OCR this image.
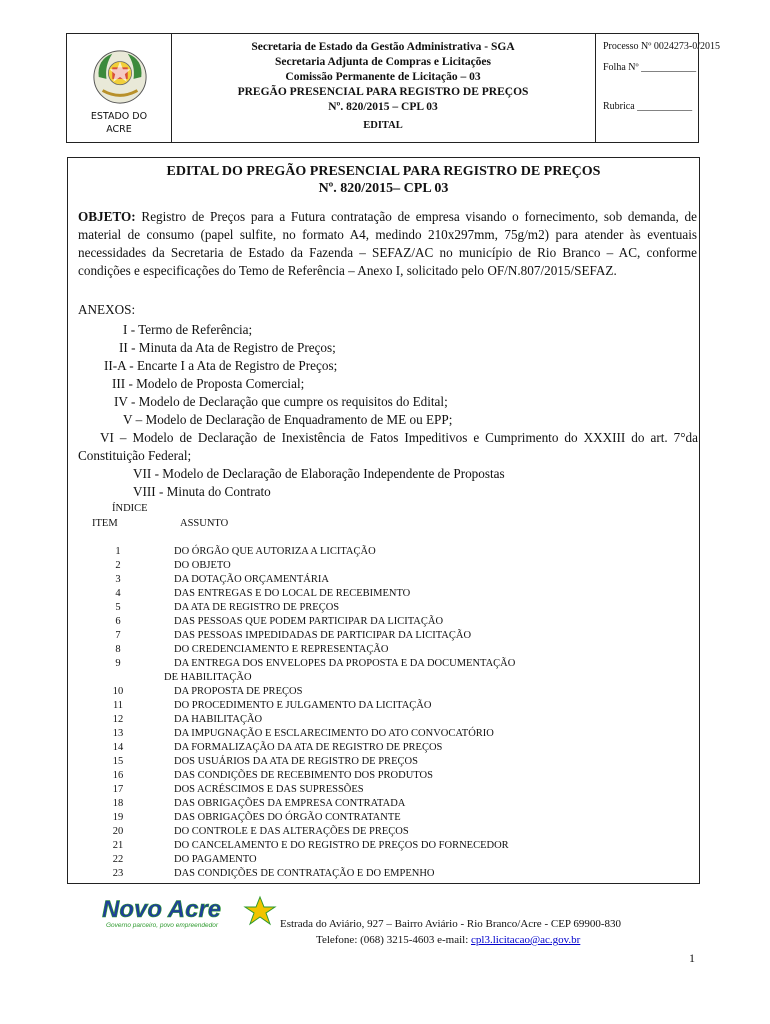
ESTADO DO
ACRE
Secretaria de Estado da Gestão Administrativa - SGA
Secretaria Adjunta de Compras e Licitações
Comissão Permanente de Licitação – 03
PREGÃO PRESENCIAL PARA REGISTRO DE PREÇOS
Nº. 820/2015 – CPL 03
EDITAL
Processo Nº 0024273-0/2015
Folha Nº ___________
Rubrica ___________
EDITAL DO PREGÃO PRESENCIAL PARA REGISTRO DE PREÇOS
Nº. 820/2015– CPL 03
OBJETO: Registro de Preços para a Futura contratação de empresa visando o fornecimento, sob demanda, de material de consumo (papel sulfite, no formato A4, medindo 210x297mm, 75g/m2) para atender às eventuais necessidades da Secretaria de Estado da Fazenda – SEFAZ/AC no município de Rio Branco – AC, conforme condições e especificações do Temo de Referência – Anexo I, solicitado pelo OF/N.807/2015/SEFAZ.
ANEXOS:
I - Termo de Referência;
II - Minuta da Ata de Registro de Preços;
II-A - Encarte I a Ata de Registro de Preços;
III - Modelo de Proposta Comercial;
IV - Modelo de Declaração que cumpre os requisitos do Edital;
V – Modelo de Declaração de Enquadramento de ME ou EPP;
VI – Modelo de Declaração de Inexistência de Fatos Impeditivos e Cumprimento do XXXIII do art. 7°da Constituição Federal;
VII - Modelo de Declaração de Elaboração Independente de Propostas
VIII - Minuta do Contrato
ÍNDICE
ITEM	ASSUNTO
1	DO ÓRGÃO QUE AUTORIZA A LICITAÇÃO
2	DO OBJETO
3	DA DOTAÇÃO ORÇAMENTÁRIA
4	DAS ENTREGAS E DO LOCAL DE RECEBIMENTO
5	DA ATA DE REGISTRO DE PREÇOS
6	DAS PESSOAS QUE PODEM PARTICIPAR DA LICITAÇÃO
7	DAS PESSOAS IMPEDIDADAS DE PARTICIPAR DA LICITAÇÃO
8	DO CREDENCIAMENTO E REPRESENTAÇÃO
9	DA ENTREGA DOS ENVELOPES DA PROPOSTA E DA DOCUMENTAÇÃO
DE HABILITAÇÃO
10	DA PROPOSTA DE PREÇOS
11	DO PROCEDIMENTO E JULGAMENTO DA LICITAÇÃO
12	DA HABILITAÇÃO
13	DA IMPUGNAÇÃO E ESCLARECIMENTO DO ATO CONVOCATÓRIO
14	DA FORMALIZAÇÃO DA ATA DE REGISTRO DE PREÇOS
15	DOS USUÁRIOS DA ATA DE REGISTRO DE PREÇOS
16	DAS CONDIÇÕES DE RECEBIMENTO DOS PRODUTOS
17	DOS ACRÉSCIMOS E DAS SUPRESSÕES
18	DAS OBRIGAÇÕES DA EMPRESA CONTRATADA
19	DAS OBRIGAÇÕES DO ÓRGÃO CONTRATANTE
20	DO CONTROLE E DAS ALTERAÇÕES DE PREÇOS
21	DO CANCELAMENTO E DO REGISTRO DE PREÇOS DO FORNECEDOR
22	DO PAGAMENTO
23	DAS CONDIÇÕES DE CONTRATAÇÃO E DO EMPENHO
Novo Acre
Governo parceiro, povo empreendedor	Estrada do Aviário, 927 – Bairro Aviário - Rio Branco/Acre - CEP 69900-830
Telefone: (068) 3215-4603 e-mail: cpl3.licitacao@ac.gov.br
1
